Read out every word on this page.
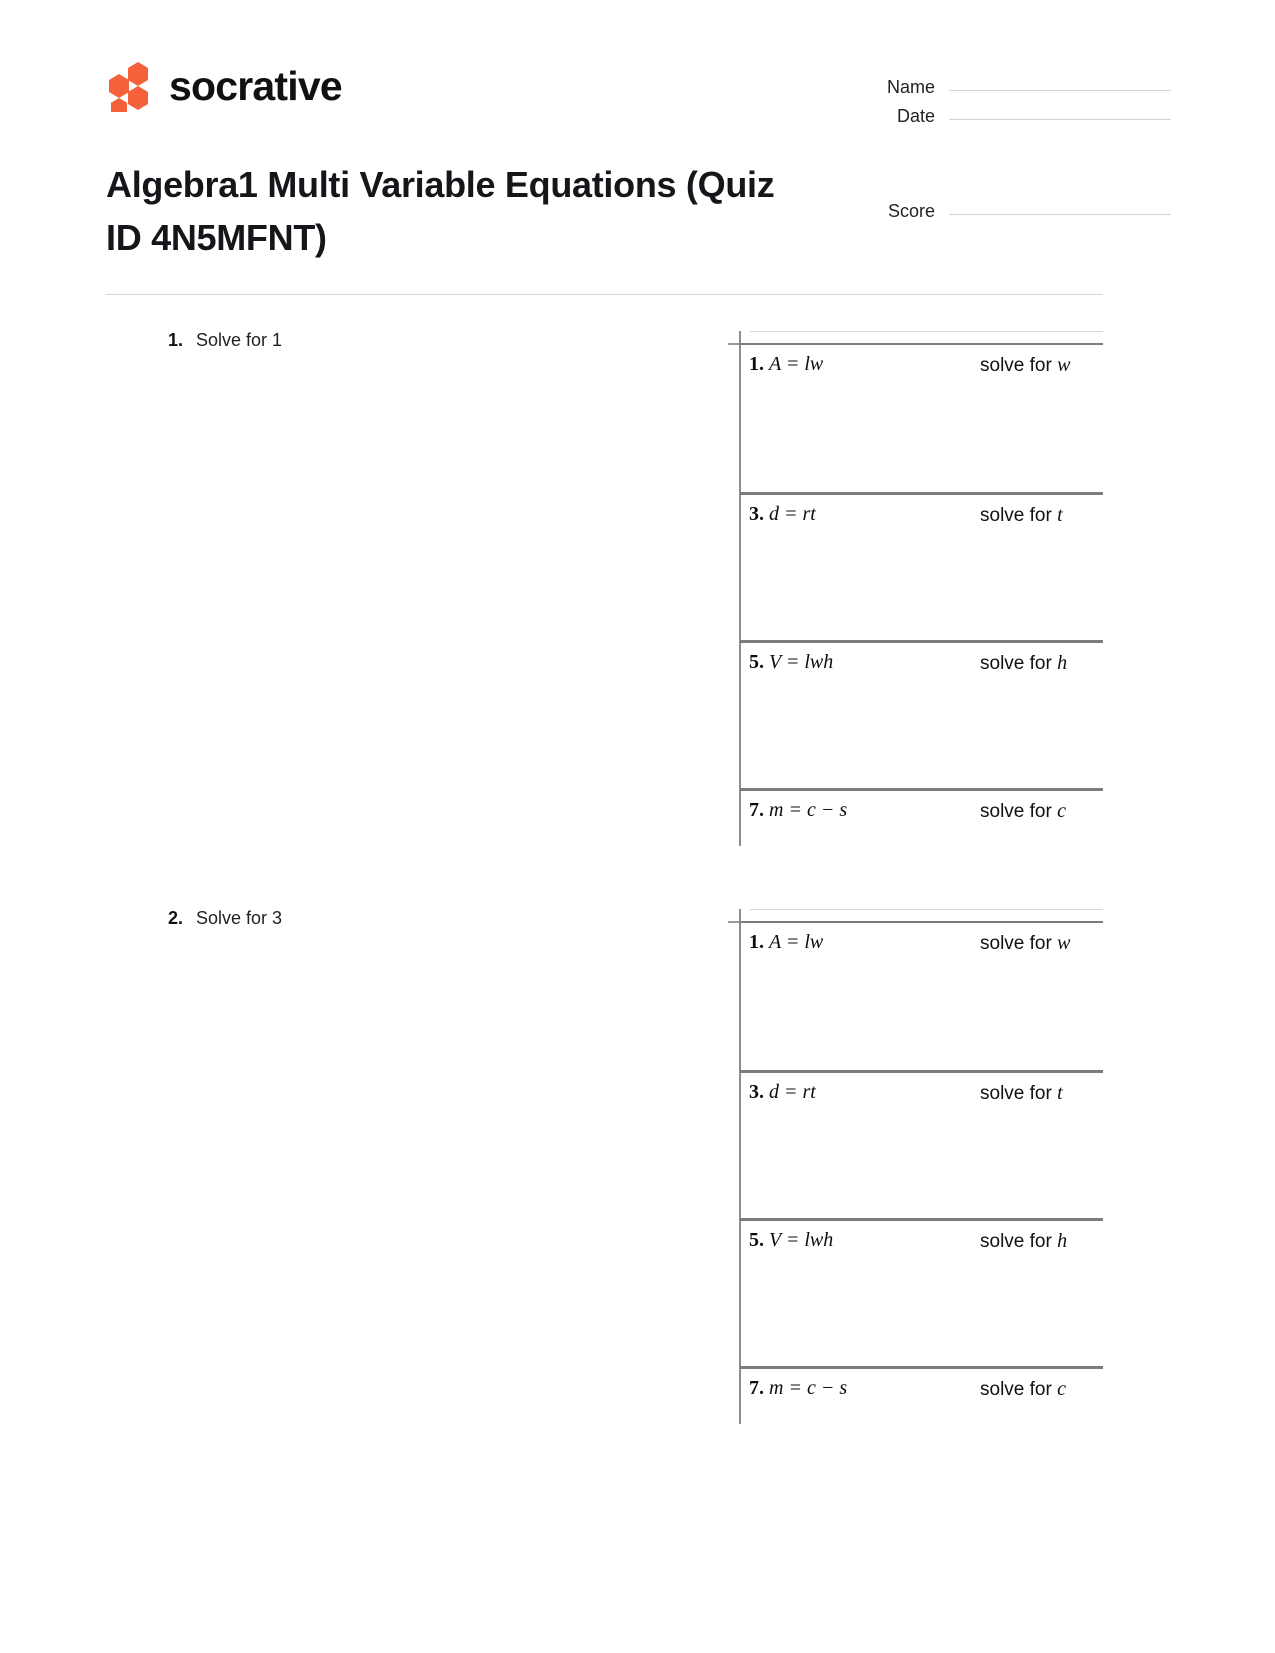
socrative	Name
Date
Score
Algebra1 Multi Variable Equations (Quiz ID 4N5MFNT)
1. Solve for 1
1. A = lw	solve for w
3. d = rt	solve for t
5. V = lwh	solve for h
7. m = c − s	solve for c
2. Solve for 3
1. A = lw	solve for w
3. d = rt	solve for t
5. V = lwh	solve for h
7. m = c − s	solve for c
